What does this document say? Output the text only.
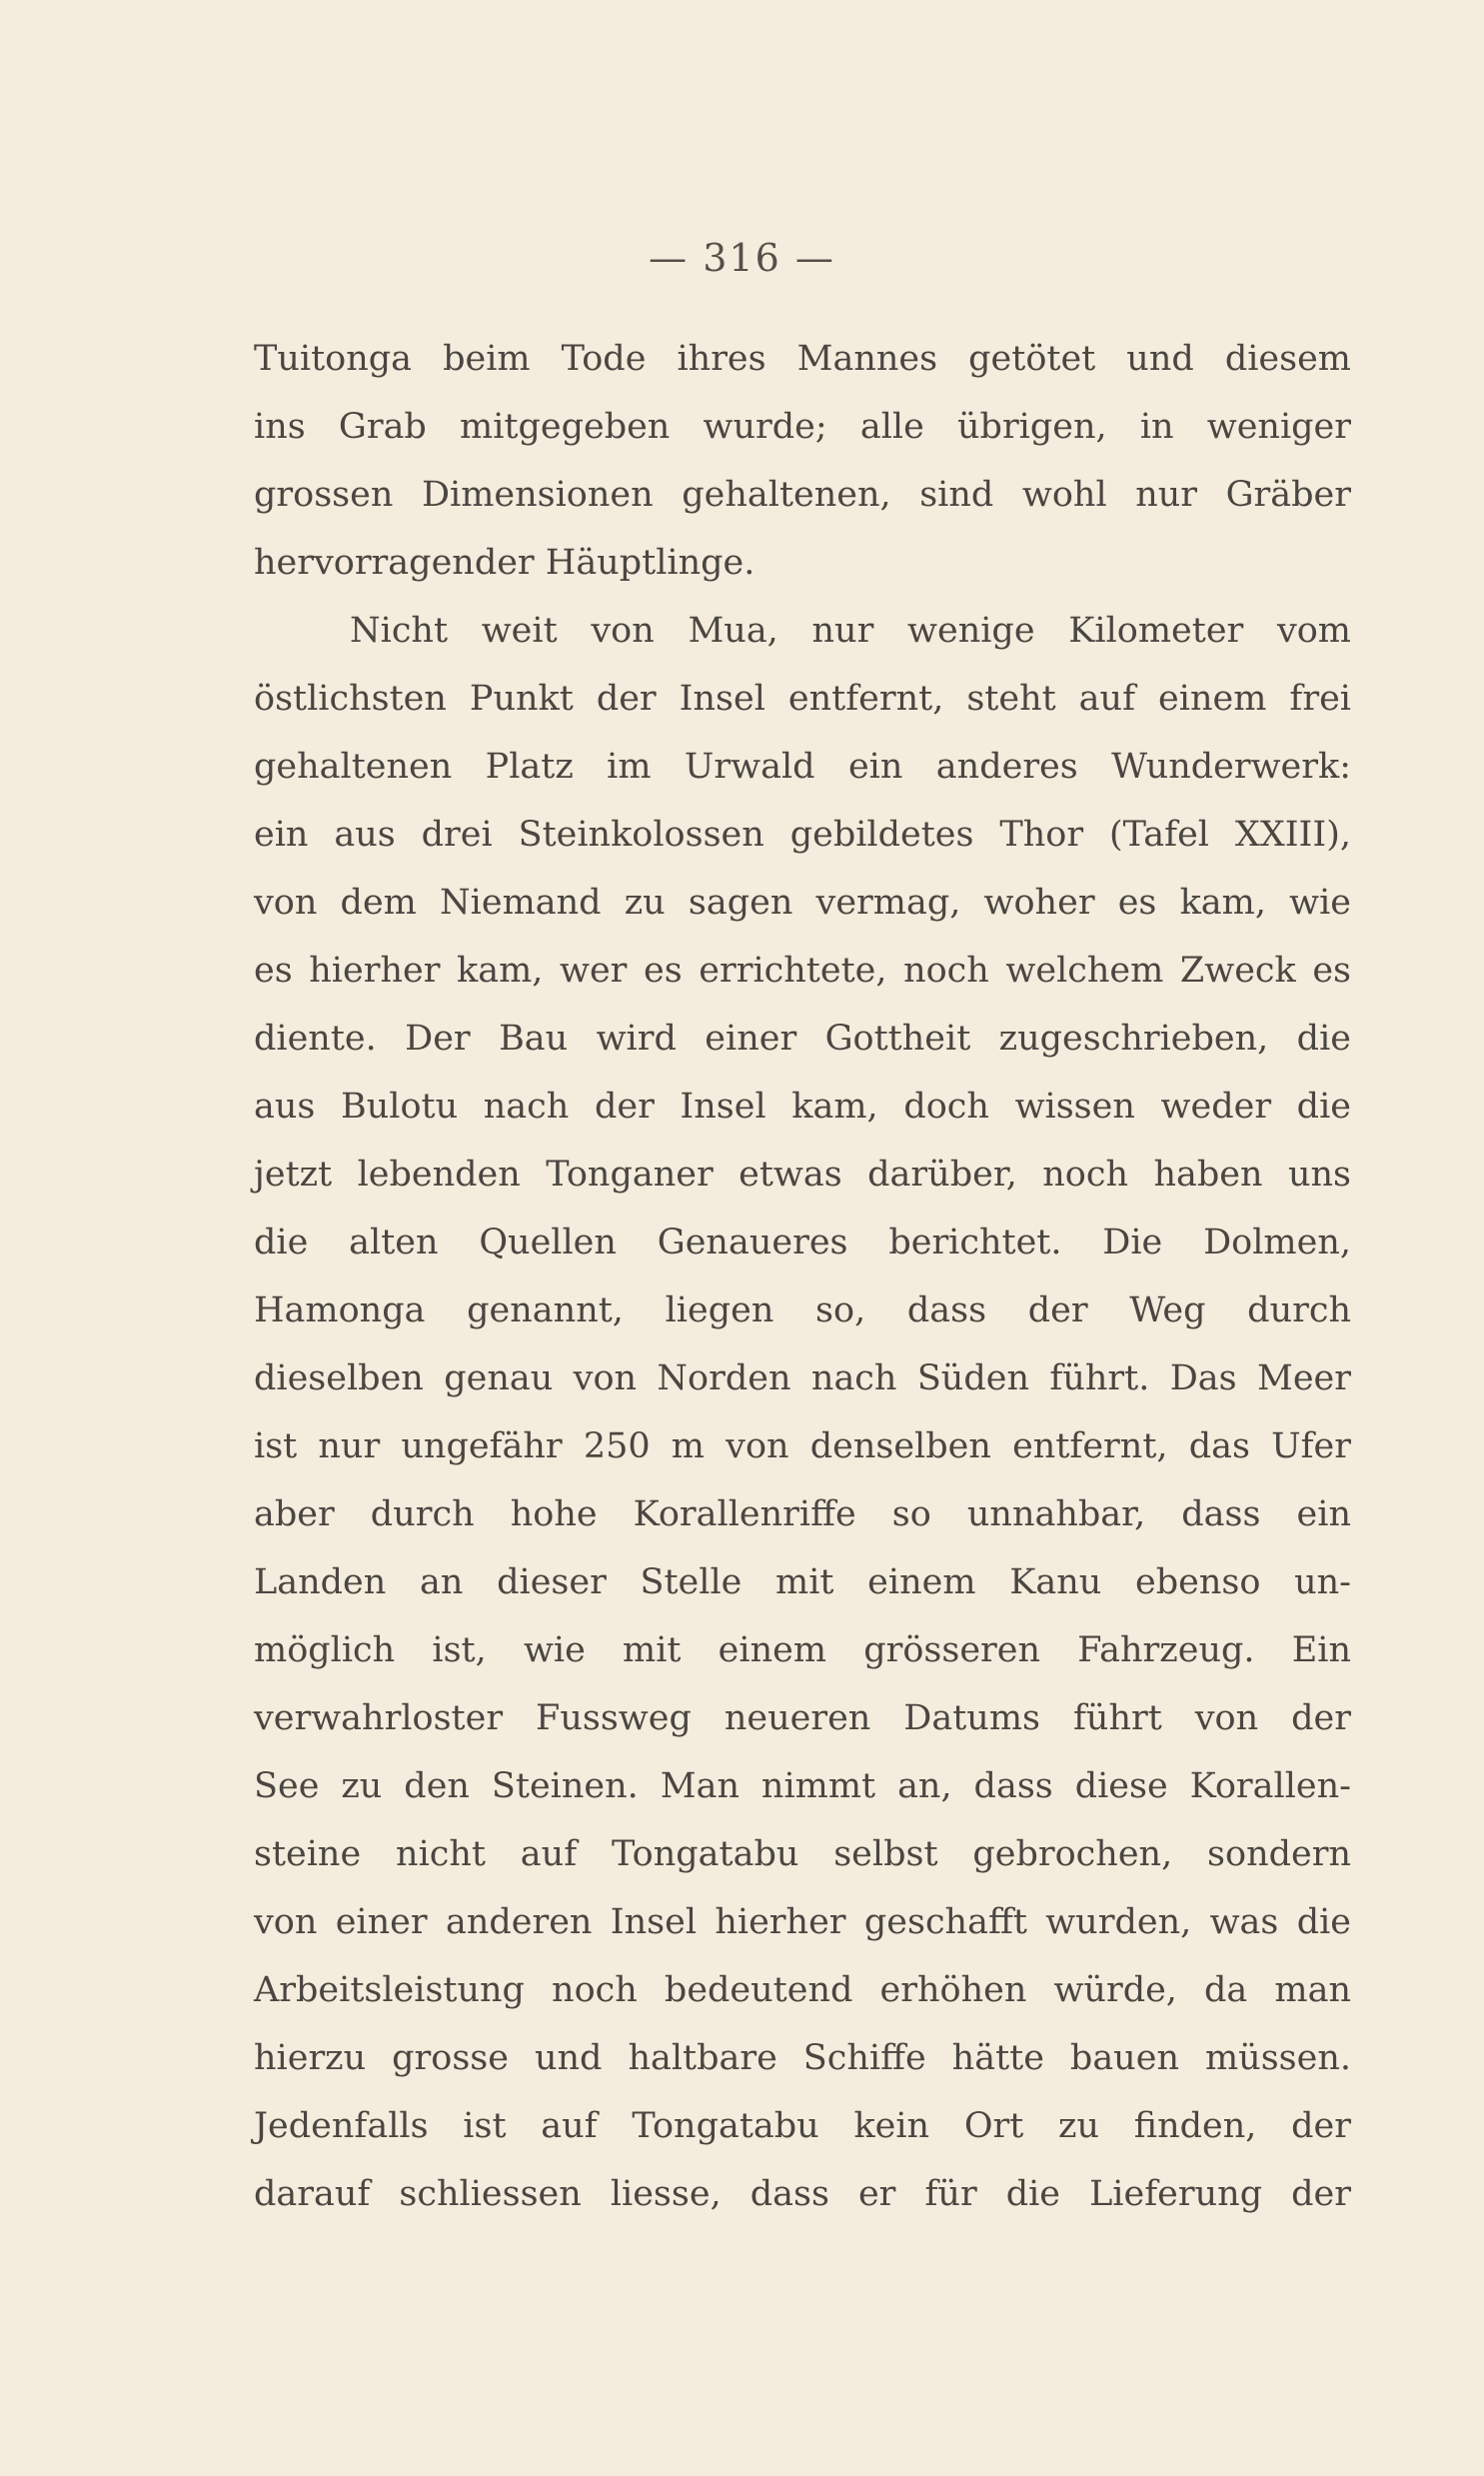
— 316 —
Tuitonga beim Tode ihres Mannes getötet und diesem
ins Grab mitgegeben wurde; alle übrigen, in weniger
grossen Dimensionen gehaltenen, sind wohl nur Gräber
hervorragender Häuptlinge.
Nicht weit von Mua, nur wenige Kilometer vom
östlichsten Punkt der Insel entfernt, steht auf einem frei
gehaltenen Platz im Urwald ein anderes Wunderwerk:
ein aus drei Steinkolossen gebildetes Thor (Tafel XXIII),
von dem Niemand zu sagen vermag, woher es kam, wie
es hierher kam, wer es errichtete, noch welchem Zweck es
diente. Der Bau wird einer Gottheit zugeschrieben, die
aus Bulotu nach der Insel kam, doch wissen weder die
jetzt lebenden Tonganer etwas darüber, noch haben uns
die alten Quellen Genaueres berichtet. Die Dolmen,
Hamonga genannt, liegen so, dass der Weg durch
dieselben genau von Norden nach Süden führt. Das Meer
ist nur ungefähr 250 m von denselben entfernt, das Ufer
aber durch hohe Korallenriffe so unnahbar, dass ein
Landen an dieser Stelle mit einem Kanu ebenso un-
möglich ist, wie mit einem grösseren Fahrzeug. Ein
verwahrloster Fussweg neueren Datums führt von der
See zu den Steinen. Man nimmt an, dass diese Korallen-
steine nicht auf Tongatabu selbst gebrochen, sondern
von einer anderen Insel hierher geschafft wurden, was die
Arbeitsleistung noch bedeutend erhöhen würde, da man
hierzu grosse und haltbare Schiffe hätte bauen müssen.
Jedenfalls ist auf Tongatabu kein Ort zu finden, der
darauf schliessen liesse, dass er für die Lieferung der
